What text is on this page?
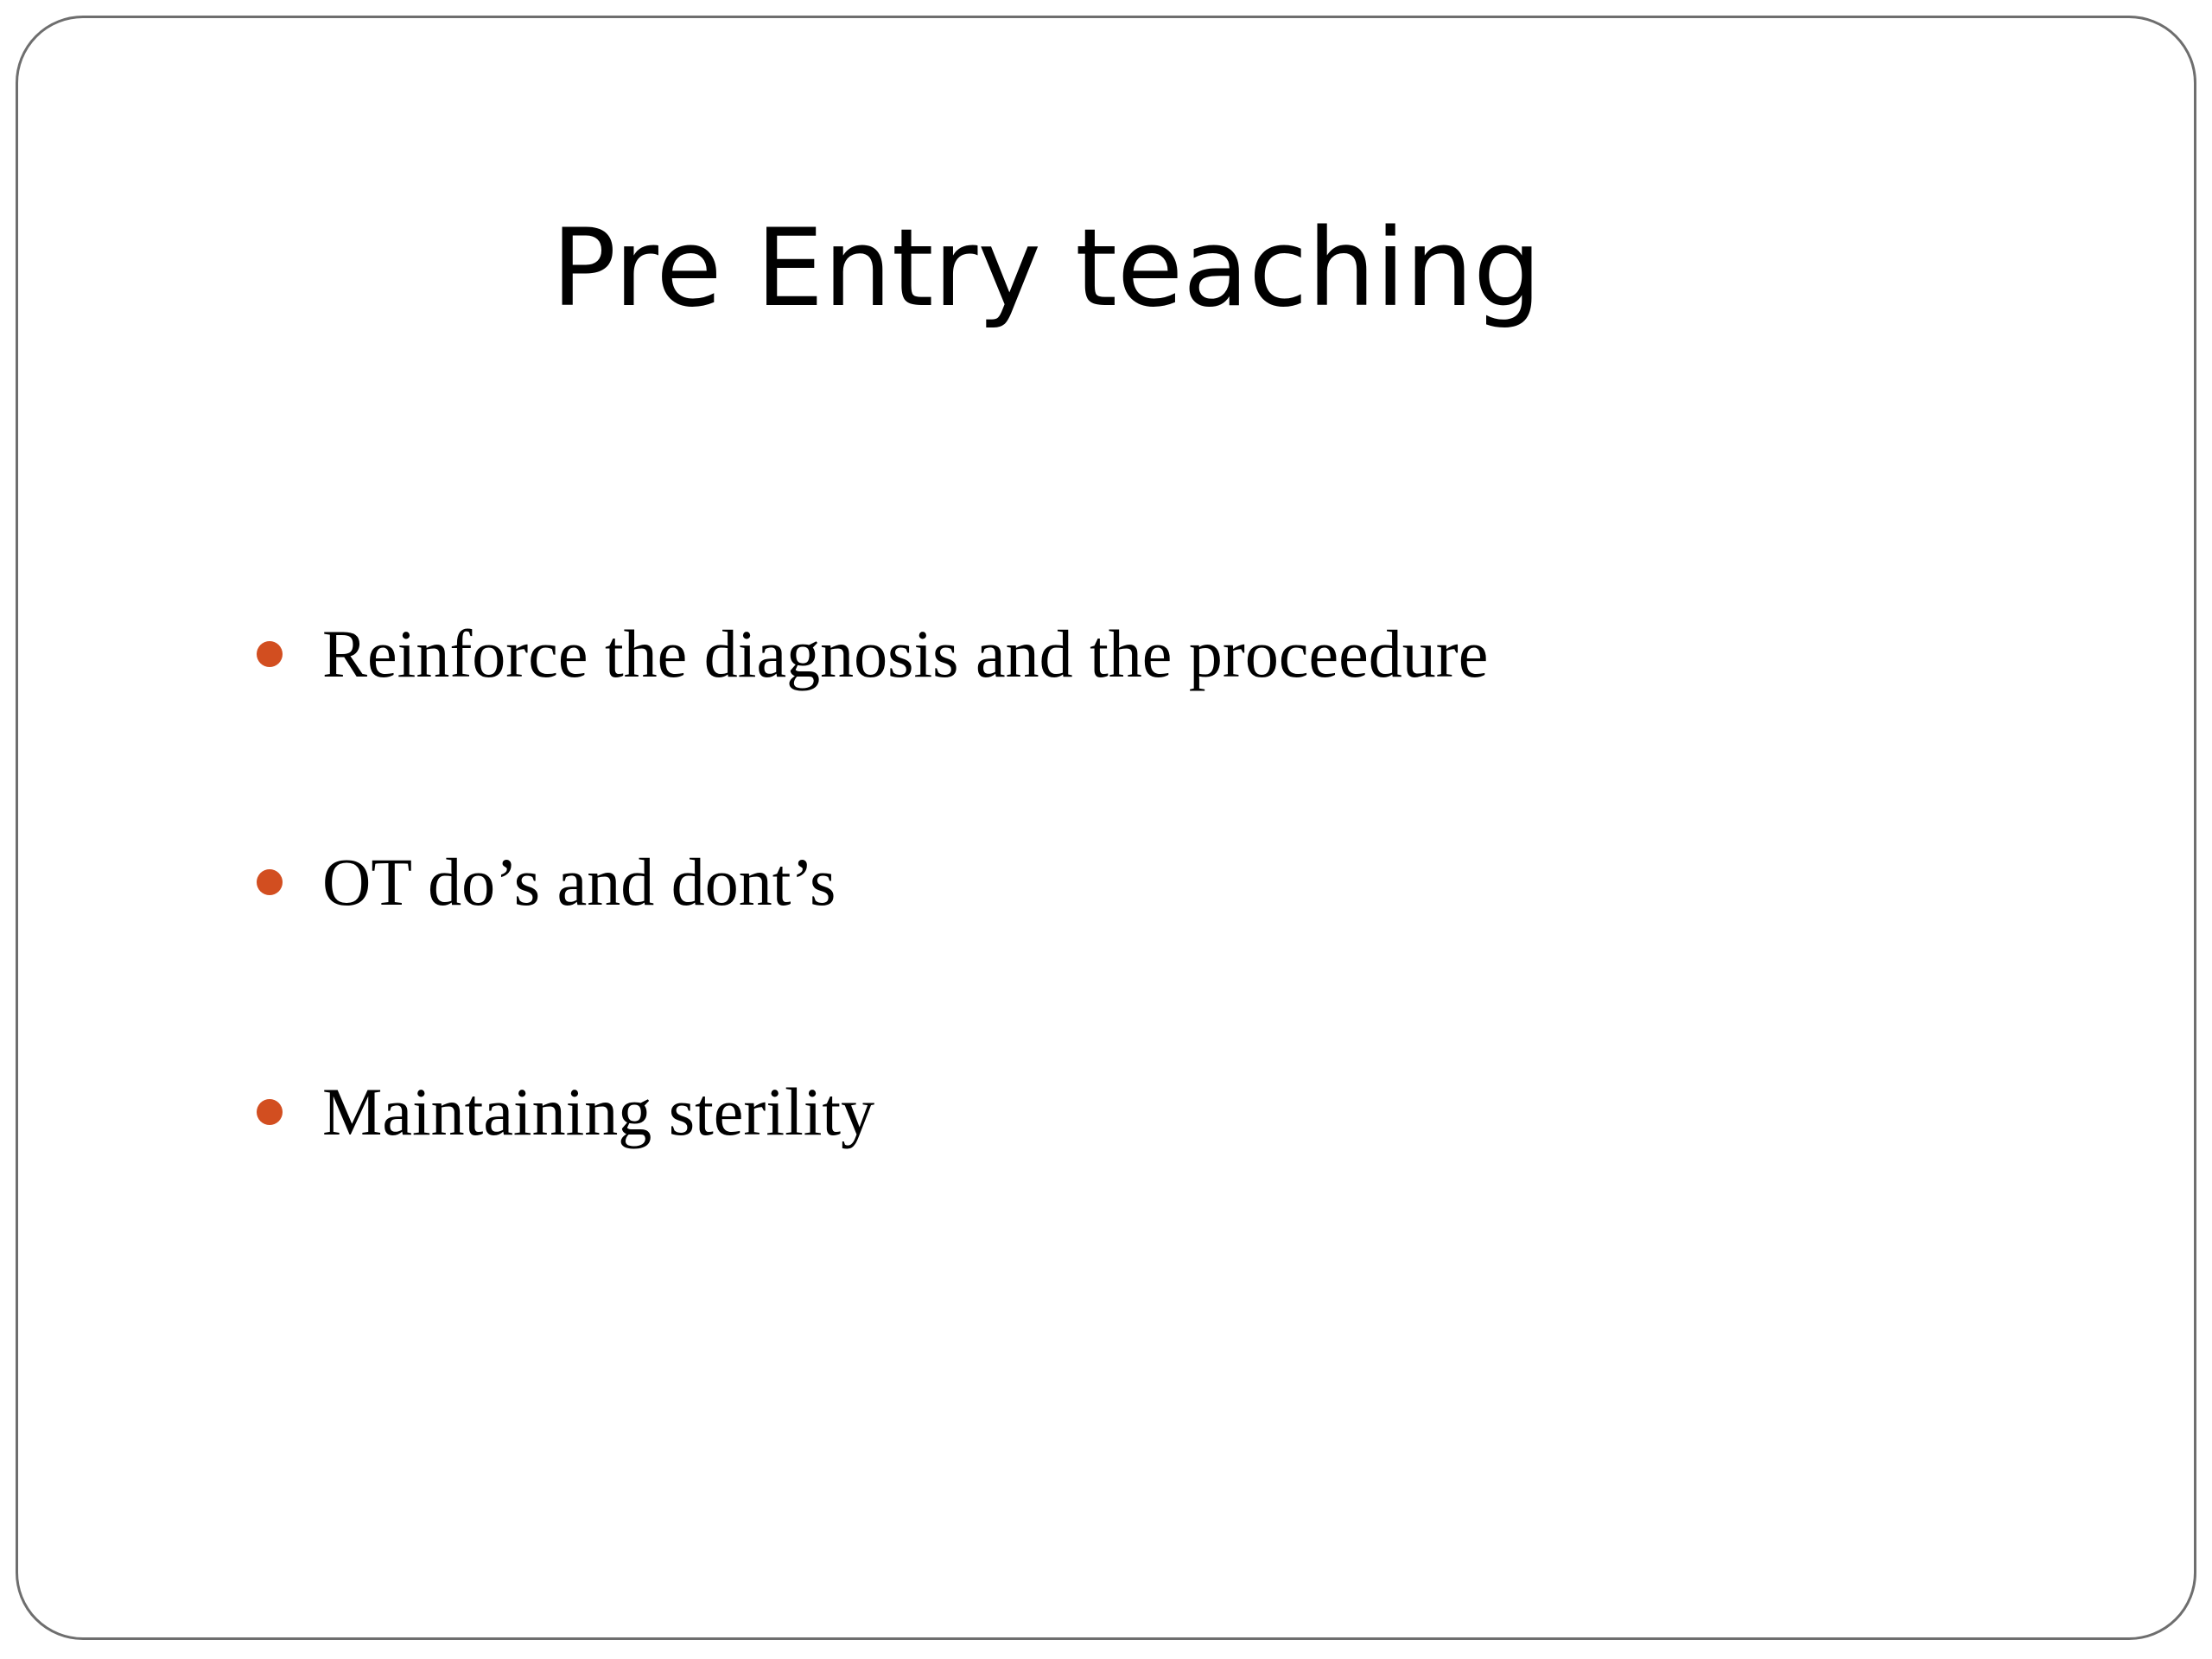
Pre Entry teaching
Reinforce the diagnosis and the proceedure
OT do’s and dont’s
Maintaining sterility
